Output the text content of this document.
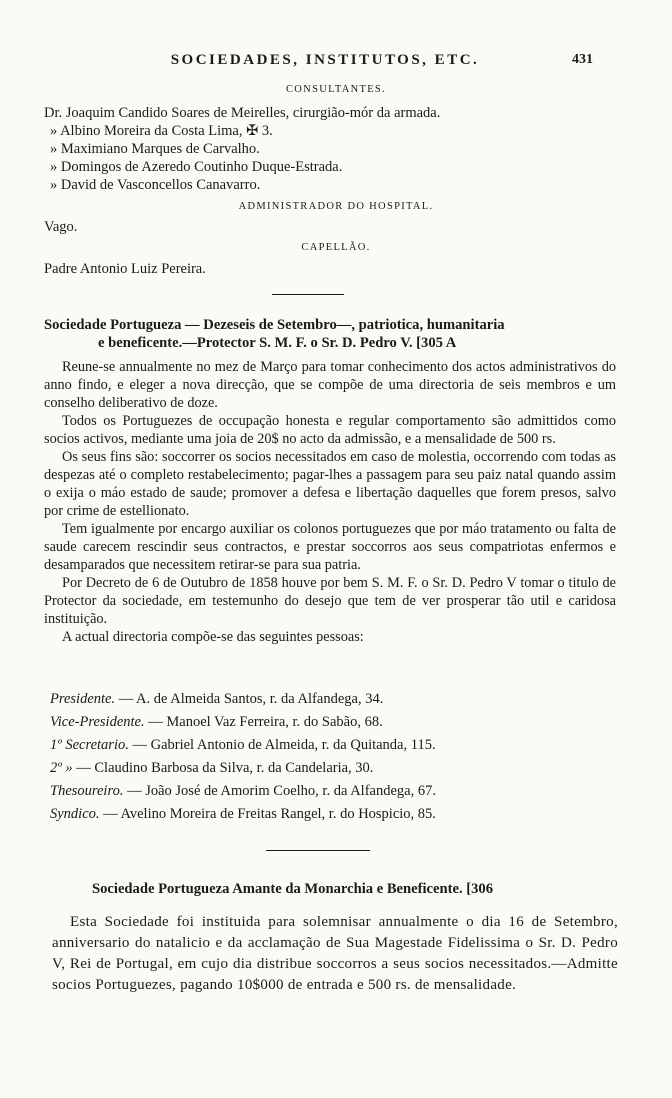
SOCIEDADES, INSTITUTOS, ETC.	431
CONSULTANTES.
Dr. Joaquim Candido Soares de Meirelles, cirurgião-mór da armada.
» Albino Moreira da Costa Lima, ✠ 3.
» Maximiano Marques de Carvalho.
» Domingos de Azeredo Coutinho Duque-Estrada.
» David de Vasconcellos Canavarro.
ADMINISTRADOR DO HOSPITAL.
Vago.
CAPELLÃO.
Padre Antonio Luiz Pereira.
Sociedade Portugueza — Dezeseis de Setembro—, patriotica, humanitaria
e beneficente.—Protector S. M. F. o Sr. D. Pedro V. [305 A

Reune-se annualmente no mez de Março para tomar conhecimento dos actos administrativos do anno findo, e eleger a nova direcção, que se compõe de uma directoria de seis membros e um conselho deliberativo de doze.

Todos os Portuguezes de occupação honesta e regular comportamento são admittidos como socios activos, mediante uma joia de 20$ no acto da admissão, e a mensalidade de 500 rs.

Os seus fins são: soccorrer os socios necessitados em caso de molestia, occorrendo com todas as despezas até o completo restabelecimento; pagar-lhes a passagem para seu paiz natal quando assim o exija o máo estado de saude; promover a defesa e libertação daquelles que forem presos, salvo por crime de estellionato.

Tem igualmente por encargo auxiliar os colonos portuguezes que por máo tratamento ou falta de saude carecem rescindir seus contractos, e prestar soccorros aos seus compatriotas enfermos e desamparados que necessitem retirar-se para sua patria.

Por Decreto de 6 de Outubro de 1858 houve por bem S. M. F. o Sr. D. Pedro V tomar o titulo de Protector da sociedade, em testemunho do desejo que tem de ver prosperar tão util e caridosa instituição.

A actual directoria compõe-se das seguintes pessoas:

Presidente. — A. de Almeida Santos, r. da Alfandega, 34.
Vice-Presidente. — Manoel Vaz Ferreira, r. do Sabão, 68.
1º Secretario. — Gabriel Antonio de Almeida, r. da Quitanda, 115.
2º » — Claudino Barbosa da Silva, r. da Candelaria, 30.
Thesoureiro. — João José de Amorim Coelho, r. da Alfandega, 67.
Syndico. — Avelino Moreira de Freitas Rangel, r. do Hospicio, 85.
Sociedade Portugueza Amante da Monarchia e Beneficente. [306

Esta Sociedade foi instituida para solemnisar annualmente o dia 16 de Setembro, anniversario do natalicio e da acclamação de Sua Magestade Fidelissima o Sr. D. Pedro V, Rei de Portugal, em cujo dia distribue soccorros a seus socios necessitados.—Admitte socios Portuguezes, pagando 10$000 de entrada e 500 rs. de mensalidade.
